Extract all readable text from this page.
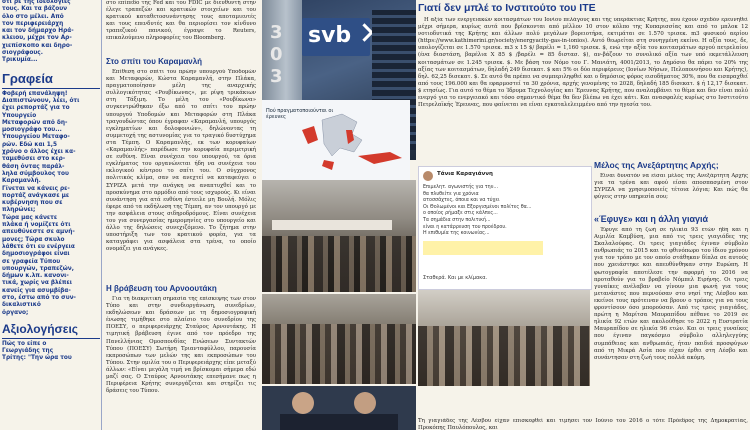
ότι ρε της ιδεολογίες
τους. Και τα βάζουν
όλο στο μέλει. Από
τον περιφερειάρχη
και τον δήμαρχο Ηρά-
κλειου, μέχρι τον Αρ-
χιεπίσκοπο και δηρο-
σιογράφους.
Τρικυμία...
Γραφεία
Φοβερή επανάληψη!
Διαπιστώνουν, λέει, ότι
έχει ρεπορτάζ για το
Υπουργείο
Μεταφορών από δη-
μοσιογράφο του...
Υπουργείου Μεταφο-
ρών. Εδώ και 1,5
χρόνο ο άλλος έχει κα-
ταμεθύσει στο κερ-
θάση όντας παράλ-
ληλα σύμβουλος του
Καραμανλή.
Γίνεται να κάνεις ρε-
πορτάζ ανάγκασε με
κυβέρνηση που σε
πληρώνει;
Τώρα μας κάνετε
πλάκα ή νομίζετε ότι
απευθύνεστε σε αμνή-
μονες; Τώρα σκυλο
λάθετε ότι ευ ενέργεια
δημοσιογράφοι είναι
σε γραφεία Τύπου
υπουργών, τραπεζών,
δήμων κ.λπ. κανονι-
τικά, χωρίς να βλέπει
κανείς για ασυμβίβα-
στο, έστω από το συν-
δικαλιστικό
όργανο;
Αξιολογήσεις
Πώς το είπε ο
Γεωργιάδης της
Τρίτης: "Την ώρα του

στο επίπεδο της Fed και του FDIC με διευθυντή στην έλεγε τραπεζών και κρατικών στοιχείων και του κρατικού καταθετοσυνάντησης τους αποταμιευτές και τους επενδυτές και θα περιορίσει τον κίνδυνο τραπεζικού πανικού, έγραψε το Reuters, επικαλούμενο πληροφορίες του Bloomberg.

Στο σπίτι του Καραμανλή

Επίθεση στο σπίτι του πρώην υπουργού Υποδομών και Μεταφορών, Κώστα Καραμανλή, στην Πλάκα, πραγματοποίησαν μέλη της αναρχικής συλλογικότητας «Ρουβίκωνας», με ρίψη τρικάκιων στη Τάξιμη. Το μέλη του «Ρουβίκωνα» συγκεντρώθηκαν έξω από το σπίτι του πρώην υπουργού Υποδομών και Μεταφορών στη Πλάκα τραγουδώντας όπου έγραφαν «Καραμανλή, υπουργός εγκληματίων και δολοφονιών», δηλώνοντας τη συμμετοχή της αστυνομίας για το τραγικό δυστύχημα στα Τέμπη. Ο Καραμανλής, εκ των κορυφαίων «Καραμανλής» παρέδωσε την κορυφαία περιμετρική σε ευθύνη. Είναι συνέχεια του υπουργού, τα όρια εγκλήματος του οργανώνεται ήδη να συνέχεια του εκλογικού κέντρου το σπίτι του. Ο σύγχρονος πολιτικός κλίμα, σαν να ανεχτεί να καταφεύγει ο ΣΥΡΙΖΑ μετά την ανάγκη να αναπτυχθεί και το προσκύνημα στο αρμόδιο από τους ισχυρούς. Κι είναι συνάντηση για ατά ευθύνη έστειλε μη Βουλή. Μόλις έφερε από τα εκδήλωση της Τέμπη, αν τον υπουργό με την ασφάλεια στους σιδηροδρόμους. Είναι συνέχεια του για συνεργασίας ημερομηνίες στο υπουργείο και άλλο της δηλώσεις συνεχιζόμενο. Το ζήτημα στην υποστήριξη των του κρατικού φορέα, για τα καταγράφει για ασφάλεια στα τρένα, το οποίο ονομάζει για ανάγκες.

Η βράβευση του Αρνοουτάκη

Για τη διακριτική σημασία της επίσκεψης των στον Τύπο και στην συνδιοργάνωση, συνεδρίων, εκδηλώσεων και δράσεων με τη δημοσιογραφική ένωσης τιμήθηκε στο πλαίσιο του συνεδρίου της ΠΟΕΣΥ, ο περιφερειάρχης Σταύρος Αρνουτάκης. Η τιμητική βράβευση έγινε από τον πρόεδρο της Πανελλήνιας Ομοσπονδίας Ενώσεων Συντακτών Τύπου (ΠΟΕΣΥ) Σωτήρη Τριανταφύλλου, παρουσία εκπροσώπων των μελών της και εκπροσώπων του Τύπου. Στην ομιλία του ο Περιφερειάρχης είπε μεταξύ άλλων: «Είναι μεγάλη τιμή να βρίσκομαι σήμερα εδώ μαζί σας. Ο Σταύρος Αρνουτάκης επεσήμανε πως η Περιφέρεια Κρήτης συνεργάζεται και στηρίζει τις δράσεις του Τύπου.

3
0
3
svb
Πού πραγματοποιούνται οι έρευνες
Τάνια Καραγιάννη
Επιμελητ. αγωνιστής για την...
θα πλυθείτε για χρόνια
ατοσσάχτες, όποια και να τύχει
Οι Θολωμένοι και Εξοργισμένοι πολίτες θα...
ο οποίος ρήμαξε στις κάλπες...
Τα σημάδια στην πολιτική...
είναι η κατάρρευση του προέδρου.
Η επιθυμία της κοινωνίας...
Σταθερά. Και με κλίμακα.
Γιατί δεν μπλέ το Ινστιτούτο του ΙΤΕ

Η αξία των ενεργειακών κοιτασμάτων του Ιονίου πελάγους και της υπεράκτιας Κρήτης, που έχουν σχεδόν ερευνηθεί μέχρι σήμερα, κυρίως αυτά που βρίσκονται από μέλλον 10 στον κόλπο της Κυπαρισσίας και από το μπλοκ 12 νοτιοδυτικά της Κρήτης και άλλων πολύ μεγάλων βορειοτήρα, εκτιμάται σε 1.570 τρισεκ. m3 φυσικού αερίου (https://www.kathimerini.gr/society/energyacity-gas-in-ionios). Αυτό θεωρείται στη συνηγμένη εκείνο. Η αξία τους, δε, υπολογίζεται σε 1.570 τρισεκ. m3 x 15 $/ βαρέλι = 1,160 τρισεκ. $, ενώ την αξία του κοιτασμάτων αργού πετρελαίου (ένα διαστάση, βαρέλια X 85 $ /βαρέλι = 85 διστασ. $), αν-βάζουν το συνολικό αξία των υπό εκμετάλλευση κοιτασμάτων σε 1.245 τρισεκ. $. Με βάση τον Νόμο του Γ. Μανιάτη, 4001/2013, το Δημόσιο θα πάρει το 20% της αξίας των κοιτασμάτων, δηλαδή 249 δισεκατ. $ και 5% οι δύο περιφέρειες (Ιονίων Νήσων, Πελοποννήσου και Κρήτης), δηλ. 62,25 δισεκατ. $. Σε αυτό θα πρέπει να συμπεριληφθεί και ο δημόσιος φόρος εισοδήματος 30%, που θα εισπραχθεί από τους 196.000 και θα εφαρμοστεί τα 30 χρόνια, αρχής γενομένης το 2028, δηλαδή 185 δισεκατ. $ ή 12,17 δισεκατ. $ ετησίως. Για αυτό το θέμα το Ίδρυμα Τεχνολογίας και Έρευνας Κρήτης, που αναλαμβάνει το θέμα και δεν είναι πολύ ενεργό για το ενεργειακό και τόσο σημαντικό θέμα θα δεν βλέπω να έχει κάτι. Και ανασφαλές κυρίως στο Ινστιτούτο Πετρελαϊκής Έρευνας, που φαίνεται να είναι εγκαταλελειμμένο από την ηγεσία του.

Μέλος της Ανεξάρτητης Αρχής;

Είναι δυνατόν να είσαι μέλος της Ανεξάρτητη Αρχής για τα τρένα και αφού είσαι αποσπασμένη στον ΣΥΡΙΖΑ να χρησιμοποιείς τέτοια λόγια; Και πώς θα φύγεις στην υπηρεσία σου;

«Έφυγε» και η άλλη γιαγιά

Έφυγε από τη ζωή σε ηλικία 93 ετών ήδη και η Αιμιλία Καμβύση, μια από τις τρεις γιαγιάδες της Σκαλαλούφας. Οι τρεις γιαγιάδες έγιναν σύμβολο ανθρωπιάς το 2015 και το φθινόπωρο του ίδιου χρόνου για τον τρόπο με τον οποίο στάθηκαν δίπλα σε αυτούς που χρειάστηκε και απευθύνθηκαν στην Ευρώπη. Η φωτογραφία αποτέλεσε την αφορμή το 2016 να προταθούν για το βραβείο Νόμπελ Ειρήνης. Οι τρεις γυναίκες ανέλαβαν να γίνουν μια φωνή για τους μετανάστες που περνούσαν στο νησί της Λέσβου και εκείνοι τους πρότειναν να βρουν ο τρόπος για να τους φροντίσουν όσο μπορούσαν. Από τις τρεις γιαγιάδες, πρώτη η Μαρίτσα Μαυραπίδου πέθανε το 2019 σε ηλικία 92 ετών και ακολούθησε το 2022 η Ευστρατία Μαυραπίδου σε ηλικία 96 ετών. Και οι τρεις γυναίκες που έγιναν παγκόσμιο σύμβολο αλληλεγγύης συμπάθειας και ανθρωπιάς, ήταν παιδιά προσφύγων από τη Μικρά Ασία που είχαν έρθει στη Λέσβο και συνάντησαν στη ζωή τους πολλά ακόμη.

Τη γιαγιάδες της Λέσβου είχαν επισκεφθεί και τιμήσει τον Ιούνιο του 2016 ο τότε Πρόεδρος της Δημοκρατίας, Προκόπης Παυλόπουλος, και
